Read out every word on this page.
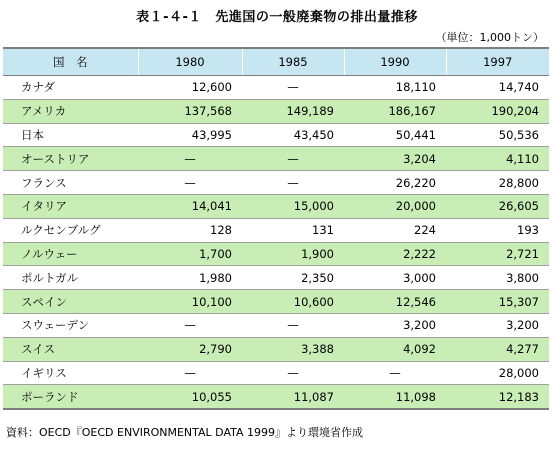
表１-４-１　先進国の一般廃棄物の排出量推移
（単位：1,000トン）
国　名	1980	1985	1990	1997
カナダ	12,600	—	18,110	14,740
アメリカ	137,568	149,189	186,167	190,204
日本	43,995	43,450	50,441	50,536
オーストリア	—	—	3,204	4,110
フランス	—	—	26,220	28,800
イタリア	14,041	15,000	20,000	26,605
ルクセンブルグ	128	131	224	193
ノルウェー	1,700	1,900	2,222	2,721
ポルトガル	1,980	2,350	3,000	3,800
スペイン	10,100	10,600	12,546	15,307
スウェーデン	—	—	3,200	3,200
スイス	2,790	3,388	4,092	4,277
イギリス	—	—	—	28,000
ポーランド	10,055	11,087	11,098	12,183
資料：OECD『OECD ENVIRONMENTAL DATA 1999』より環境省作成
